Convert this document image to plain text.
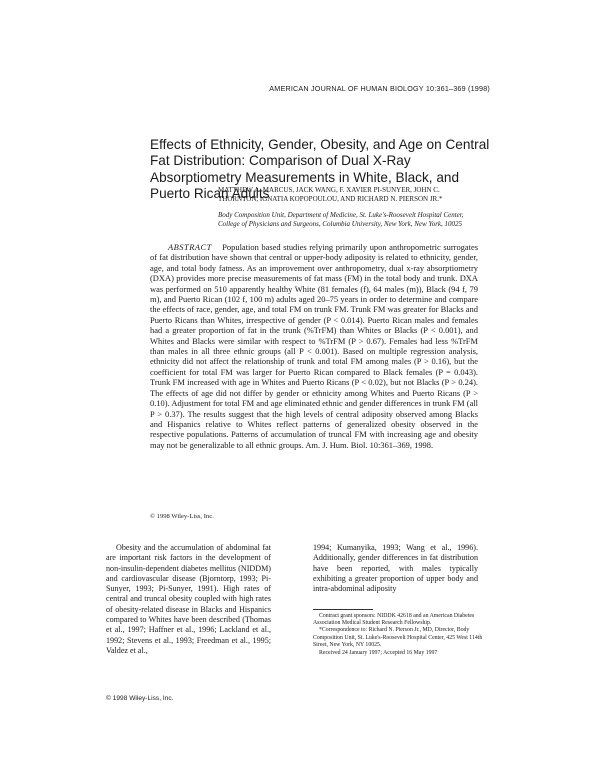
AMERICAN JOURNAL OF HUMAN BIOLOGY 10:361–369 (1998)
Effects of Ethnicity, Gender, Obesity, and Age on Central Fat Distribution: Comparison of Dual X-Ray Absorptiometry Measurements in White, Black, and Puerto Rican Adults
MATTHEW A. MARCUS, JACK WANG, F. XAVIER PI-SUNYER, JOHN C. THORNTON, IGNATIA KOPOPOULOU, AND RICHARD N. PIERSON JR.*
Body Composition Unit, Department of Medicine, St. Luke's-Roosevelt Hospital Center, College of Physicians and Surgeons, Columbia University, New York, New York, 10025

ABSTRACT Population based studies relying primarily upon anthropometric surrogates of fat distribution have shown that central or upper-body adiposity is related to ethnicity, gender, age, and total body fatness. As an improvement over anthropometry, dual x-ray absorptiometry (DXA) provides more precise measurements of fat mass (FM) in the total body and trunk. DXA was performed on 510 apparently healthy White (81 females (f), 64 males (m)), Black (94 f, 79 m), and Puerto Rican (102 f, 100 m) adults aged 20–75 years in order to determine and compare the effects of race, gender, age, and total FM on trunk FM. Trunk FM was greater for Blacks and Puerto Ricans than Whites, irrespective of gender (P < 0.014). Puerto Rican males and females had a greater proportion of fat in the trunk (%TrFM) than Whites or Blacks (P < 0.001), and Whites and Blacks were similar with respect to %TrFM (P > 0.67). Females had less %TrFM than males in all three ethnic groups (all P < 0.001). Based on multiple regression analysis, ethnicity did not affect the relationship of trunk and total FM among males (P > 0.16), but the coefficient for total FM was larger for Puerto Rican compared to Black females (P = 0.043). Trunk FM increased with age in Whites and Puerto Ricans (P < 0.02), but not Blacks (P > 0.24). The effects of age did not differ by gender or ethnicity among Whites and Puerto Ricans (P > 0.10). Adjustment for total FM and age eliminated ethnic and gender differences in trunk FM (all P > 0.37). The results suggest that the high levels of central adiposity observed among Blacks and Hispanics relative to Whites reflect patterns of generalized obesity observed in the respective populations. Patterns of accumulation of truncal FM with increasing age and obesity may not be generalizable to all ethnic groups. Am. J. Hum. Biol. 10:361–369, 1998.

© 1998 Wiley-Liss, Inc.

Obesity and the accumulation of abdominal fat are important risk factors in the development of non-insulin-dependent diabetes mellitus (NIDDM) and cardiovascular disease (Bjorntorp, 1993; Pi-Sunyer, 1993; Pi-Sunyer, 1991). High rates of central and truncal obesity coupled with high rates of obesity-related disease in Blacks and Hispanics compared to Whites have been described (Thomas et al., 1997; Haffner et al., 1996; Lackland et al., 1992; Stevens et al., 1993; Freedman et al., 1995; Valdez et al.,

1994; Kumanyika, 1993; Wang et al., 1996). Additionally, gender differences in fat distribution have been reported, with males typically exhibiting a greater proportion of upper body and intra-abdominal adiposity

Contract grant sponsors: NIDDK 42618 and an American Diabetes Association Medical Student Research Fellowship.

*Correspondence to: Richard N. Pierson Jr., MD, Director, Body Composition Unit, St. Luke's-Roosevelt Hospital Center, 425 West 114th Street, New York, NY 10025.

Received 24 January 1997; Accepted 16 May 1997

© 1998 Wiley-Liss, Inc.
